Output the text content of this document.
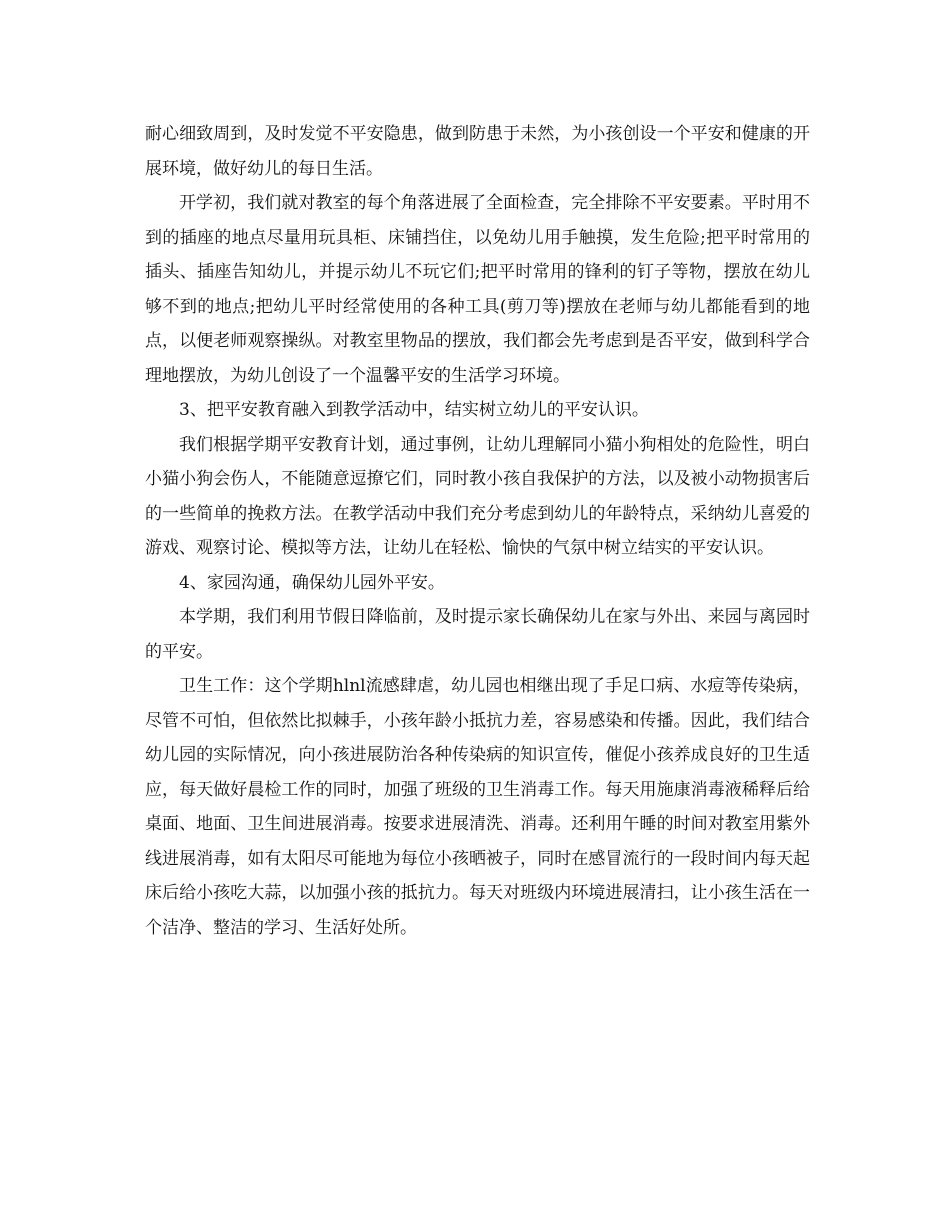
耐心细致周到，及时发觉不平安隐患，做到防患于未然，为小孩创设一个平安和健康的开展环境，做好幼儿的每日生活。

开学初，我们就对教室的每个角落进展了全面检查，完全排除不平安要素。平时用不到的插座的地点尽量用玩具柜、床铺挡住，以免幼儿用手触摸，发生危险;把平时常用的插头、插座告知幼儿，并提示幼儿不玩它们;把平时常用的锋利的钉子等物，摆放在幼儿够不到的地点;把幼儿平时经常使用的各种工具(剪刀等)摆放在老师与幼儿都能看到的地点，以便老师观察操纵。对教室里物品的摆放，我们都会先考虑到是否平安，做到科学合理地摆放，为幼儿创设了一个温馨平安的生活学习环境。

3、把平安教育融入到教学活动中，结实树立幼儿的平安认识。

我们根据学期平安教育计划，通过事例，让幼儿理解同小猫小狗相处的危险性，明白小猫小狗会伤人，不能随意逗撩它们，同时教小孩自我保护的方法，以及被小动物损害后的一些简单的挽救方法。在教学活动中我们充分考虑到幼儿的年龄特点，采纳幼儿喜爱的游戏、观察讨论、模拟等方法，让幼儿在轻松、愉快的气氛中树立结实的平安认识。

4、家园沟通，确保幼儿园外平安。

本学期，我们利用节假日降临前，及时提示家长确保幼儿在家与外出、来园与离园时的平安。

卫生工作：这个学期hlnl流感肆虐，幼儿园也相继出现了手足口病、水痘等传染病，尽管不可怕，但依然比拟棘手，小孩年龄小抵抗力差，容易感染和传播。因此，我们结合幼儿园的实际情况，向小孩进展防治各种传染病的知识宣传，催促小孩养成良好的卫生适应，每天做好晨检工作的同时，加强了班级的卫生消毒工作。每天用施康消毒液稀释后给桌面、地面、卫生间进展消毒。按要求进展清洗、消毒。还利用午睡的时间对教室用紫外线进展消毒，如有太阳尽可能地为每位小孩晒被子，同时在感冒流行的一段时间内每天起床后给小孩吃大蒜，以加强小孩的抵抗力。每天对班级内环境进展清扫，让小孩生活在一个洁净、整洁的学习、生活好处所。
